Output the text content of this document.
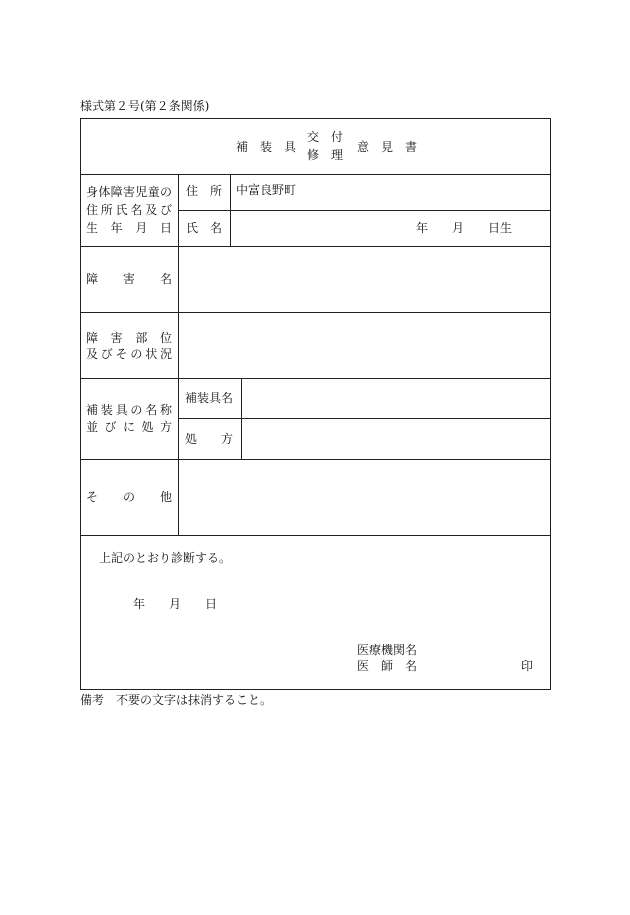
様式第２号(第２条関係)
補　装　具
交　付
修　理
意　見　書
身体障害児童の
住所氏名及び
生　年　月　日
住　所 中富良野町
氏　名	年　　月　　日生
障　　害　　名
障　害　部　位
及びその状況
補装具の名称
並びに処方
補装具名
処　　方
そ　　の　　他
上記のとおり診断する。
年　　月　　日
医療機関名
医　師　名	印
備考　不要の文字は抹消すること。
